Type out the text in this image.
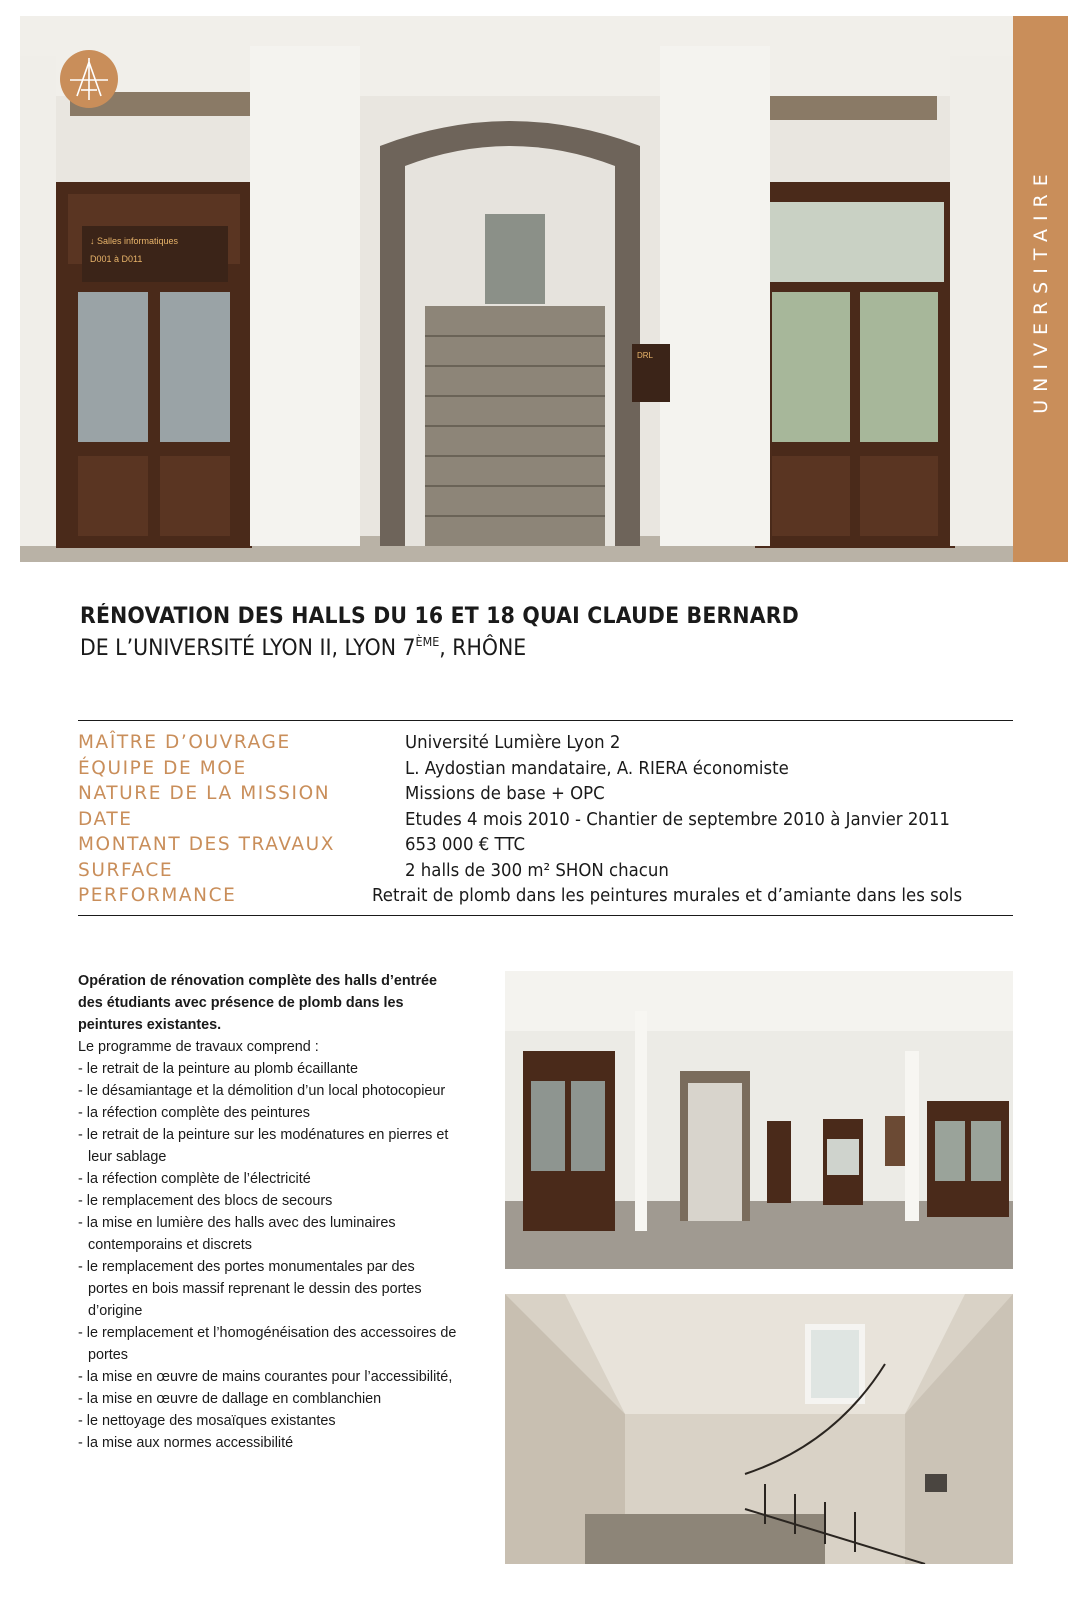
↓ Salles informatiques
D001 à D011
DRL	UNIVERSITAIRE
RÉNOVATION DES HALLS DU 16 ET 18 QUAI CLAUDE BERNARD

DE L’UNIVERSITÉ LYON II, LYON 7ÈME, RHÔNE

MAÎTRE D’OUVRAGE	Université Lumière Lyon 2
ÉQUIPE DE MOE	L. Aydostian mandataire, A. RIERA économiste
NATURE DE LA MISSION	Missions de base + OPC
DATE	Etudes 4 mois 2010 - Chantier de septembre 2010 à Janvier 2011
MONTANT DES TRAVAUX	653 000 € TTC
SURFACE	2 halls de 300 m² SHON chacun
PERFORMANCE	Retrait de plomb dans les peintures murales et d’amiante dans les sols

Opération de rénovation complète des halls d’entrée des étudiants avec présence de plomb dans les peintures existantes.

Le programme de travaux comprend :

- le retrait de la peinture au plomb écaillante
- le désamiantage et la démolition d’un local photocopieur
- la réfection complète des peintures
- le retrait de la peinture sur les modénatures en pierres et leur sablage
- la réfection complète de l’électricité
- le remplacement des blocs de secours
- la mise en lumière des halls avec des luminaires contemporains et discrets
- le remplacement des portes monumentales par des portes en bois massif reprenant le dessin des portes d’origine
- le remplacement et l’homogénéisation des accessoires de portes
- la mise en œuvre de mains courantes pour l’accessibilité,
- la mise en œuvre de dallage en comblanchien
- le nettoyage des mosaïques existantes
- la mise aux normes accessibilité
